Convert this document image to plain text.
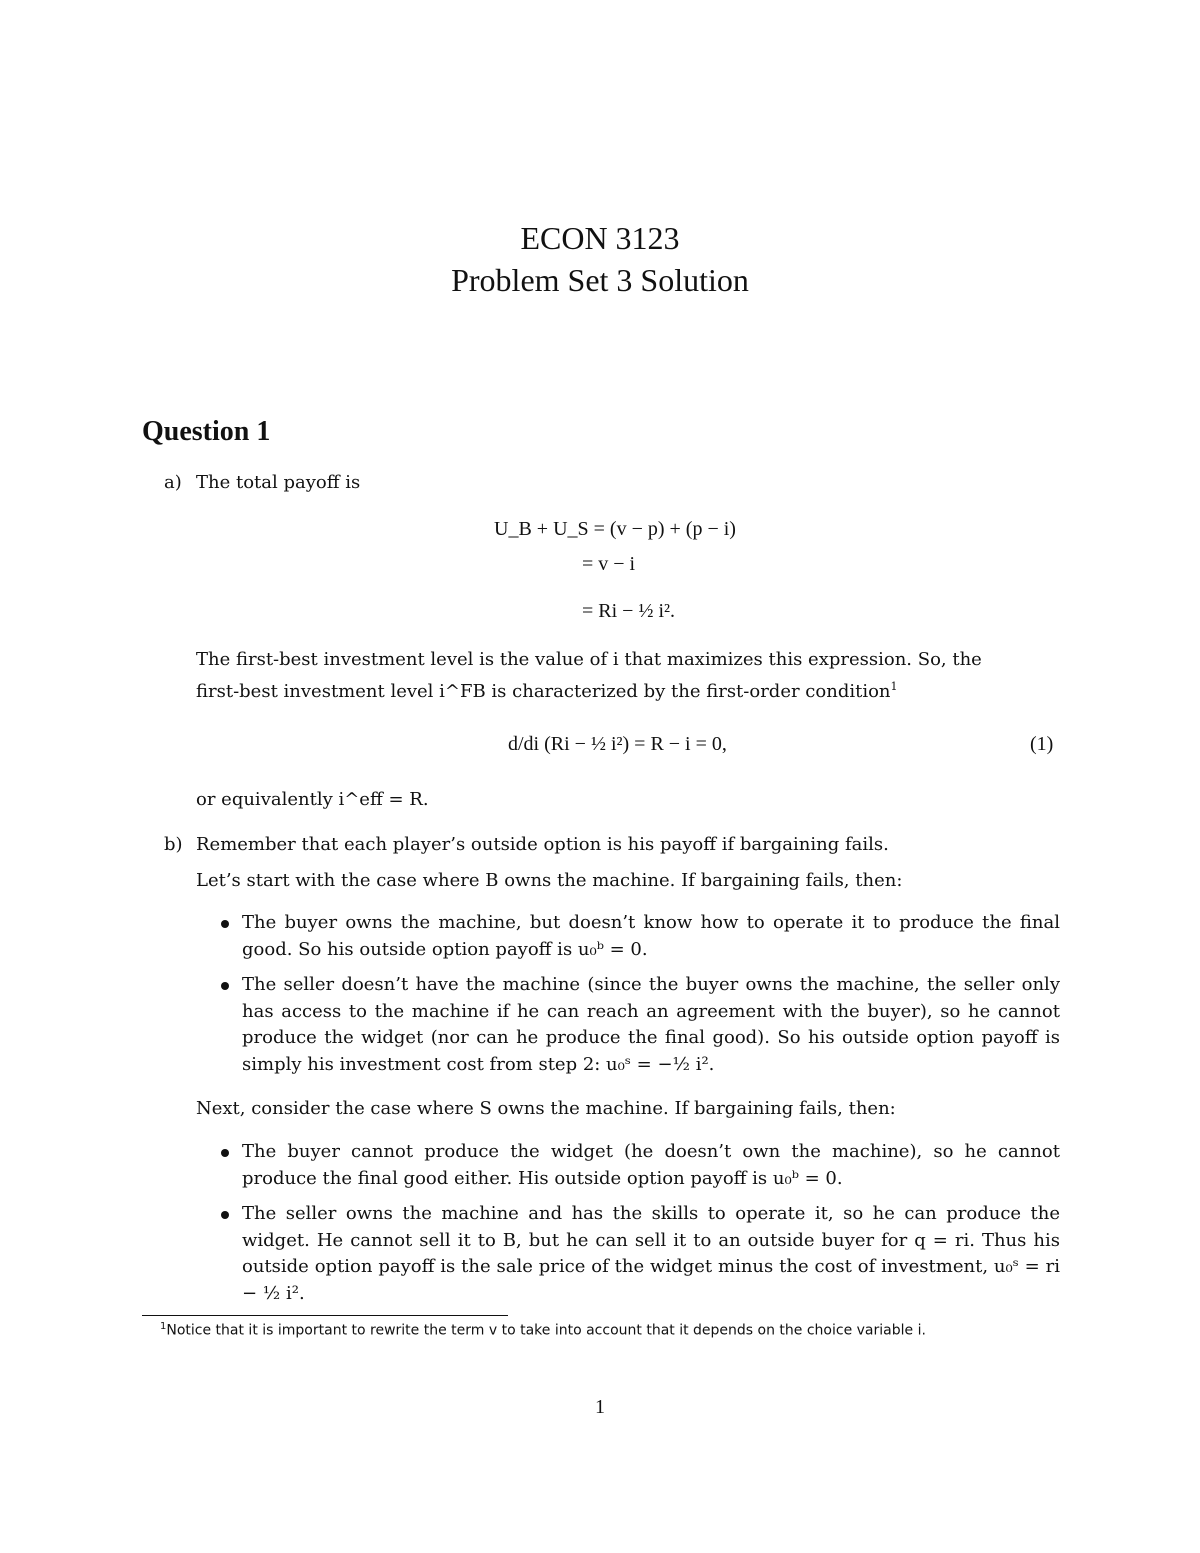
ECON 3123
Problem Set 3 Solution
Question 1
a) The total payoff is
U_B + U_S = (v − p) + (p − i)
= v − i
= Ri − ½ i².
The first-best investment level is the value of i that maximizes this expression. So, the
first-best investment level i^FB is characterized by the first-order condition$^1$
d/di (Ri − ½ i²) = R − i = 0,	(1)
or equivalently i^eff = R.
b) Remember that each player’s outside option is his payoff if bargaining fails.
Let’s start with the case where B owns the machine. If bargaining fails, then:
The buyer owns the machine, but doesn’t know how to operate it to produce the final good. So his outside option payoff is u₀ᵇ = 0.
The seller doesn’t have the machine (since the buyer owns the machine, the seller only has access to the machine if he can reach an agreement with the buyer), so he cannot produce the widget (nor can he produce the final good). So his outside option payoff is simply his investment cost from step 2: u₀ˢ = −½ i².
Next, consider the case where S owns the machine. If bargaining fails, then:
The buyer cannot produce the widget (he doesn’t own the machine), so he cannot produce the final good either. His outside option payoff is u₀ᵇ = 0.
The seller owns the machine and has the skills to operate it, so he can produce the widget. He cannot sell it to B, but he can sell it to an outside buyer for q = ri. Thus his outside option payoff is the sale price of the widget minus the cost of investment, u₀ˢ = ri − ½ i².
$^1$Notice that it is important to rewrite the term v to take into account that it depends on the choice variable i.
1
